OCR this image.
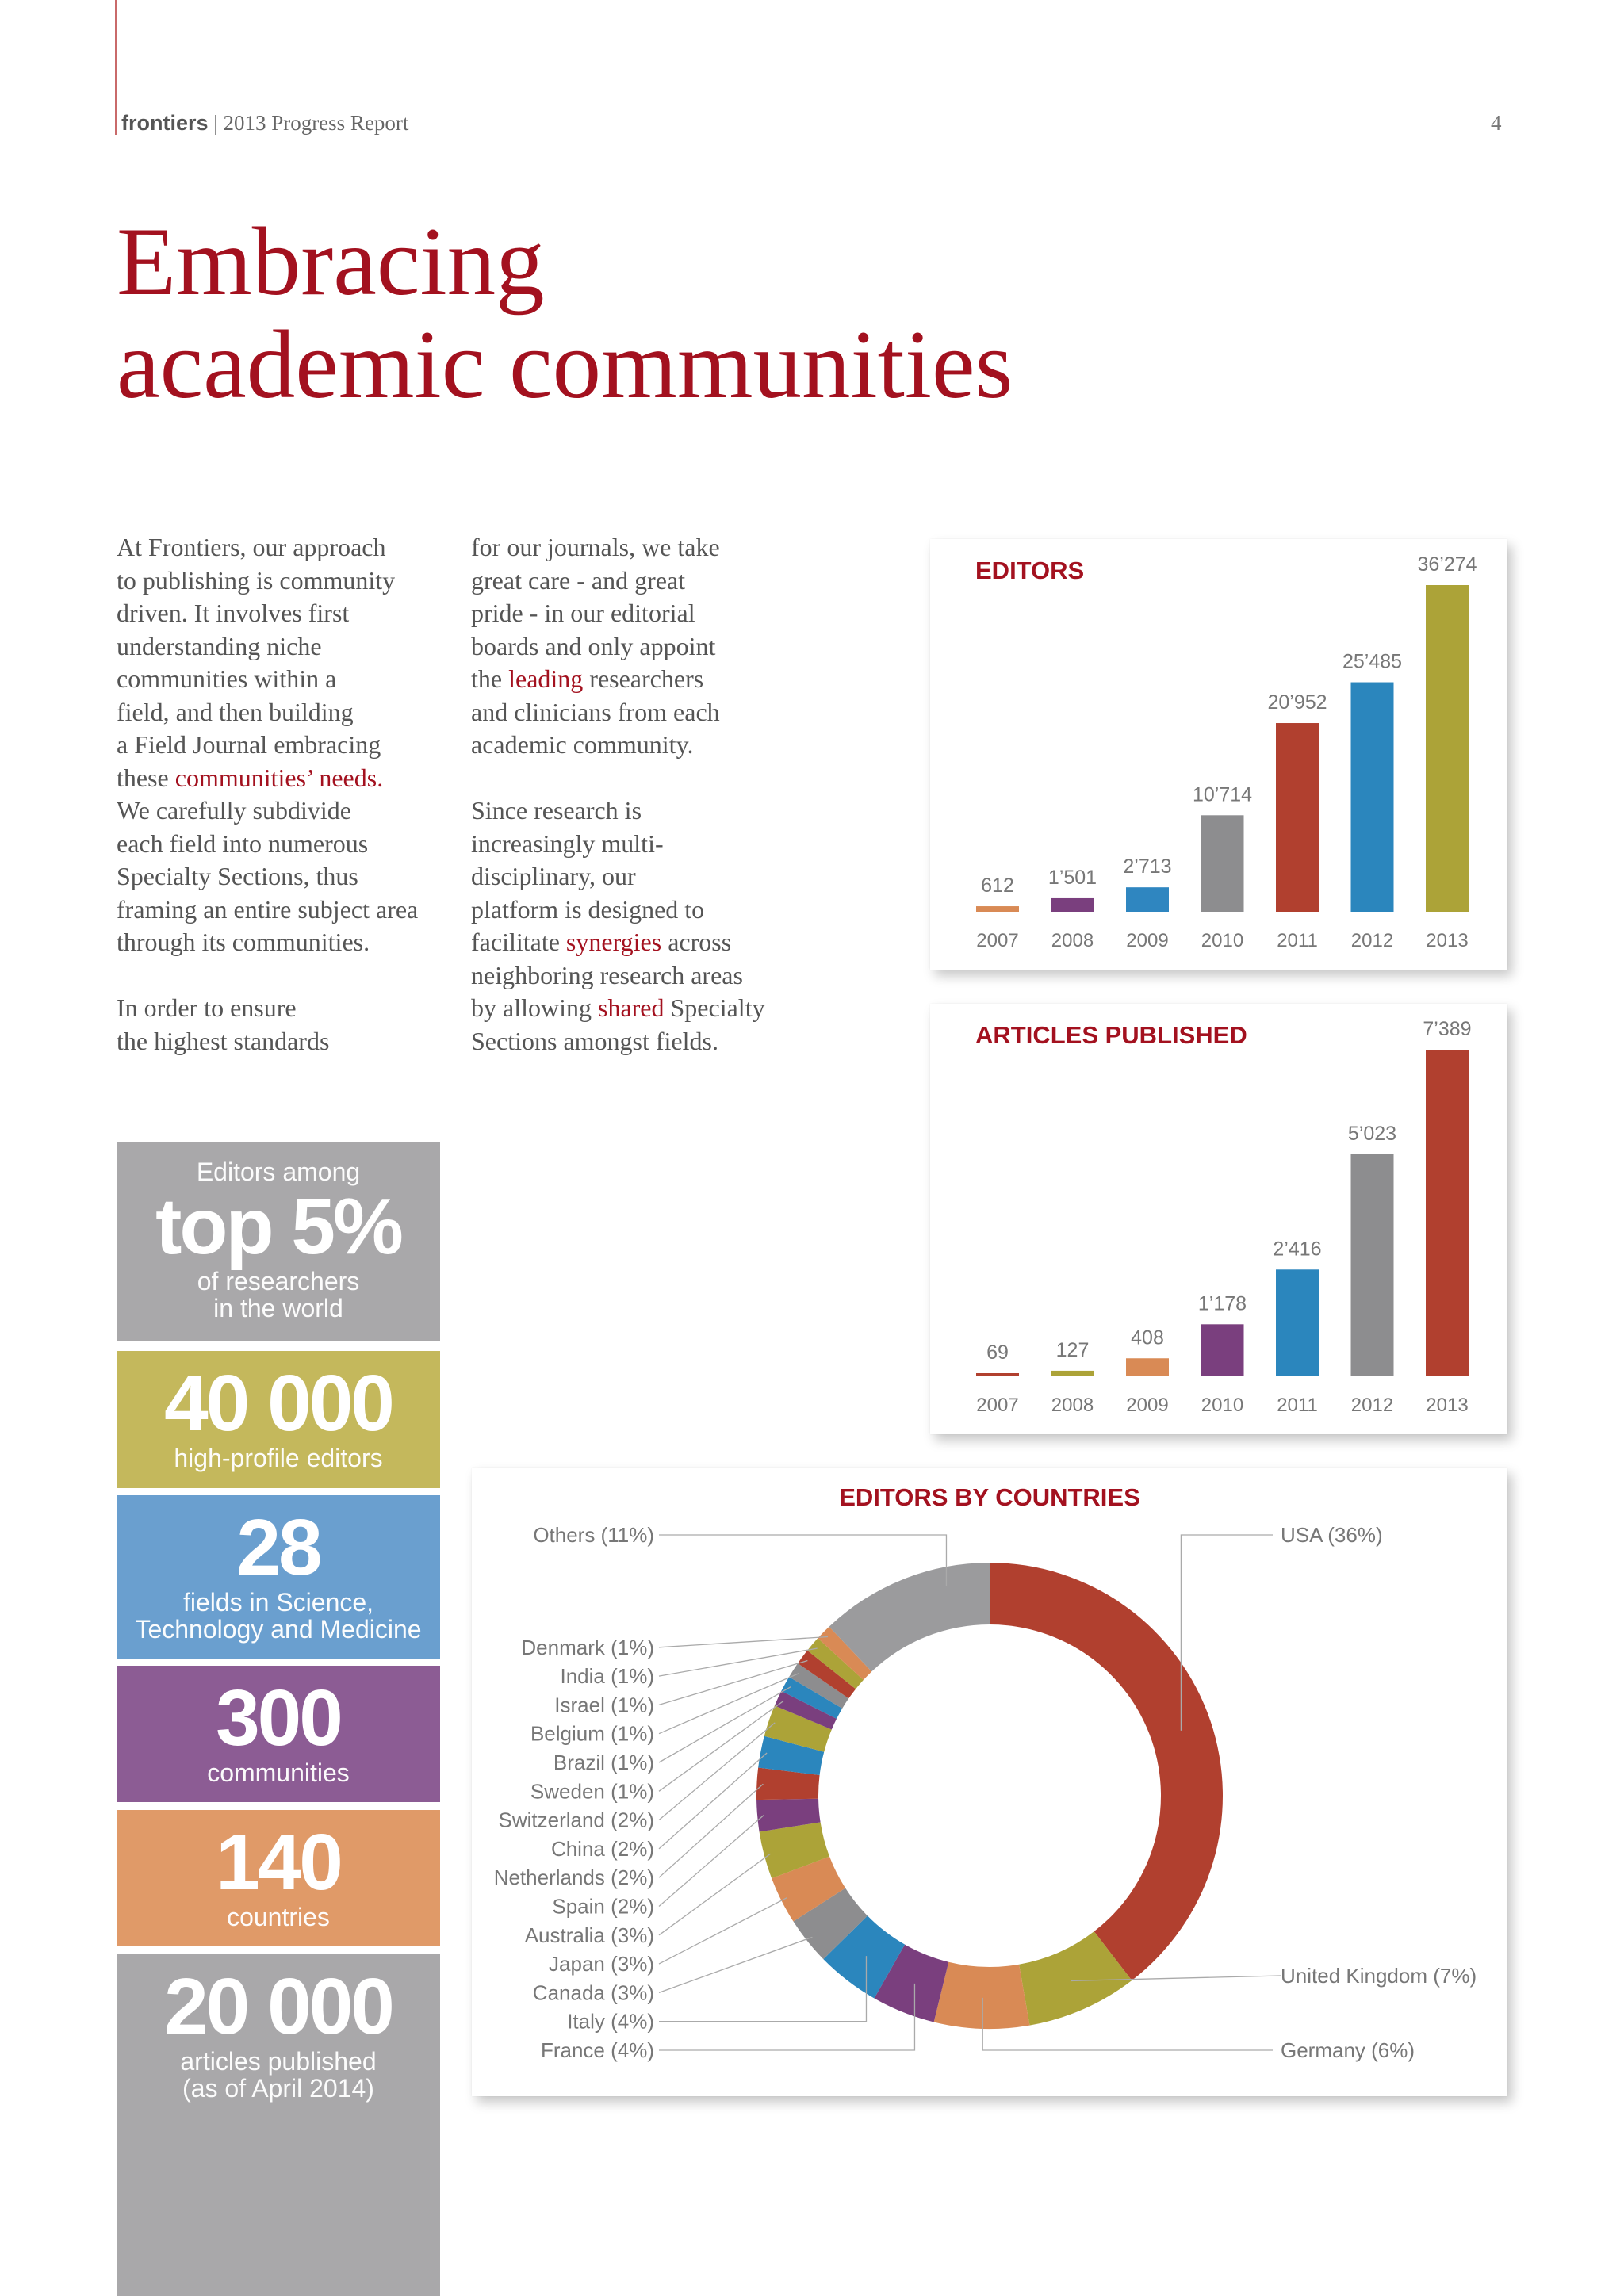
frontiers | 2013 Progress Report	4
Embracing
academic communities

At Frontiers, our approach
to publishing is community
driven. It involves first
understanding niche
communities within a
field, and then building
a Field Journal embracing
these communities’ needs.
We carefully subdivide
each field into numerous
Specialty Sections, thus
framing an entire subject area
through its communities.

In order to ensure
the highest standards

for our journals, we take
great care - and great
pride - in our editorial
boards and only appoint
the leading researchers
and clinicians from each
academic community.

Since research is
increasingly multi-
disciplinary, our
platform is designed to
facilitate synergies across
neighboring research areas
by allowing shared Specialty
Sections amongst fields.

Editors among
top 5%
of researchers
in the world
40 000
high-profile editors
28
fields in Science,
Technology and Medicine
300
communities
140
countries
20 000
articles published
(as of April 2014)
EDITORS
612
2007
1’501
2008
2’713
2009
10’714
2010
20’952
2011
25’485
2012
36’274
2013
ARTICLES PUBLISHED
69
2007
127
2008
408
2009
1’178
2010
2’416
2011
5’023
2012
7’389
2013
EDITORS BY COUNTRIES
USA (36%)
United Kingdom (7%)
Germany (6%)
France (4%)
Italy (4%)
Canada (3%)
Japan (3%)
Australia (3%)
Spain (2%)
Netherlands (2%)
China (2%)
Switzerland (2%)
Sweden (1%)
Brazil (1%)
Belgium (1%)
Israel (1%)
India (1%)
Denmark (1%)
Others (11%)
